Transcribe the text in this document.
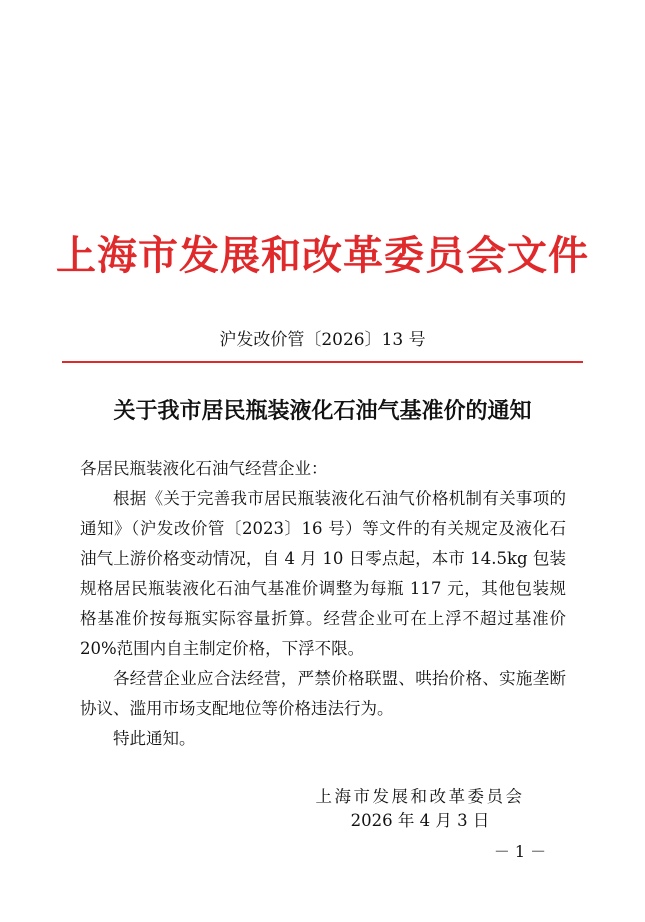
上海市发展和改革委员会文件
沪发改价管〔2026〕13 号
关于我市居民瓶装液化石油气基准价的通知

各居民瓶装液化石油气经营企业：

根据《关于完善我市居民瓶装液化石油气价格机制有关事项的通知》（沪发改价管〔2023〕16 号）等文件的有关规定及液化石油气上游价格变动情况，自 4 月 10 日零点起，本市 14.5kg 包装规格居民瓶装液化石油气基准价调整为每瓶 117 元，其他包装规格基准价按每瓶实际容量折算。经营企业可在上浮不超过基准价 20%范围内自主制定价格，下浮不限。

各经营企业应合法经营，严禁价格联盟、哄抬价格、实施垄断协议、滥用市场支配地位等价格违法行为。

特此通知。

上海市发展和改革委员会
2026 年 4 月 3 日
－ 1 －
